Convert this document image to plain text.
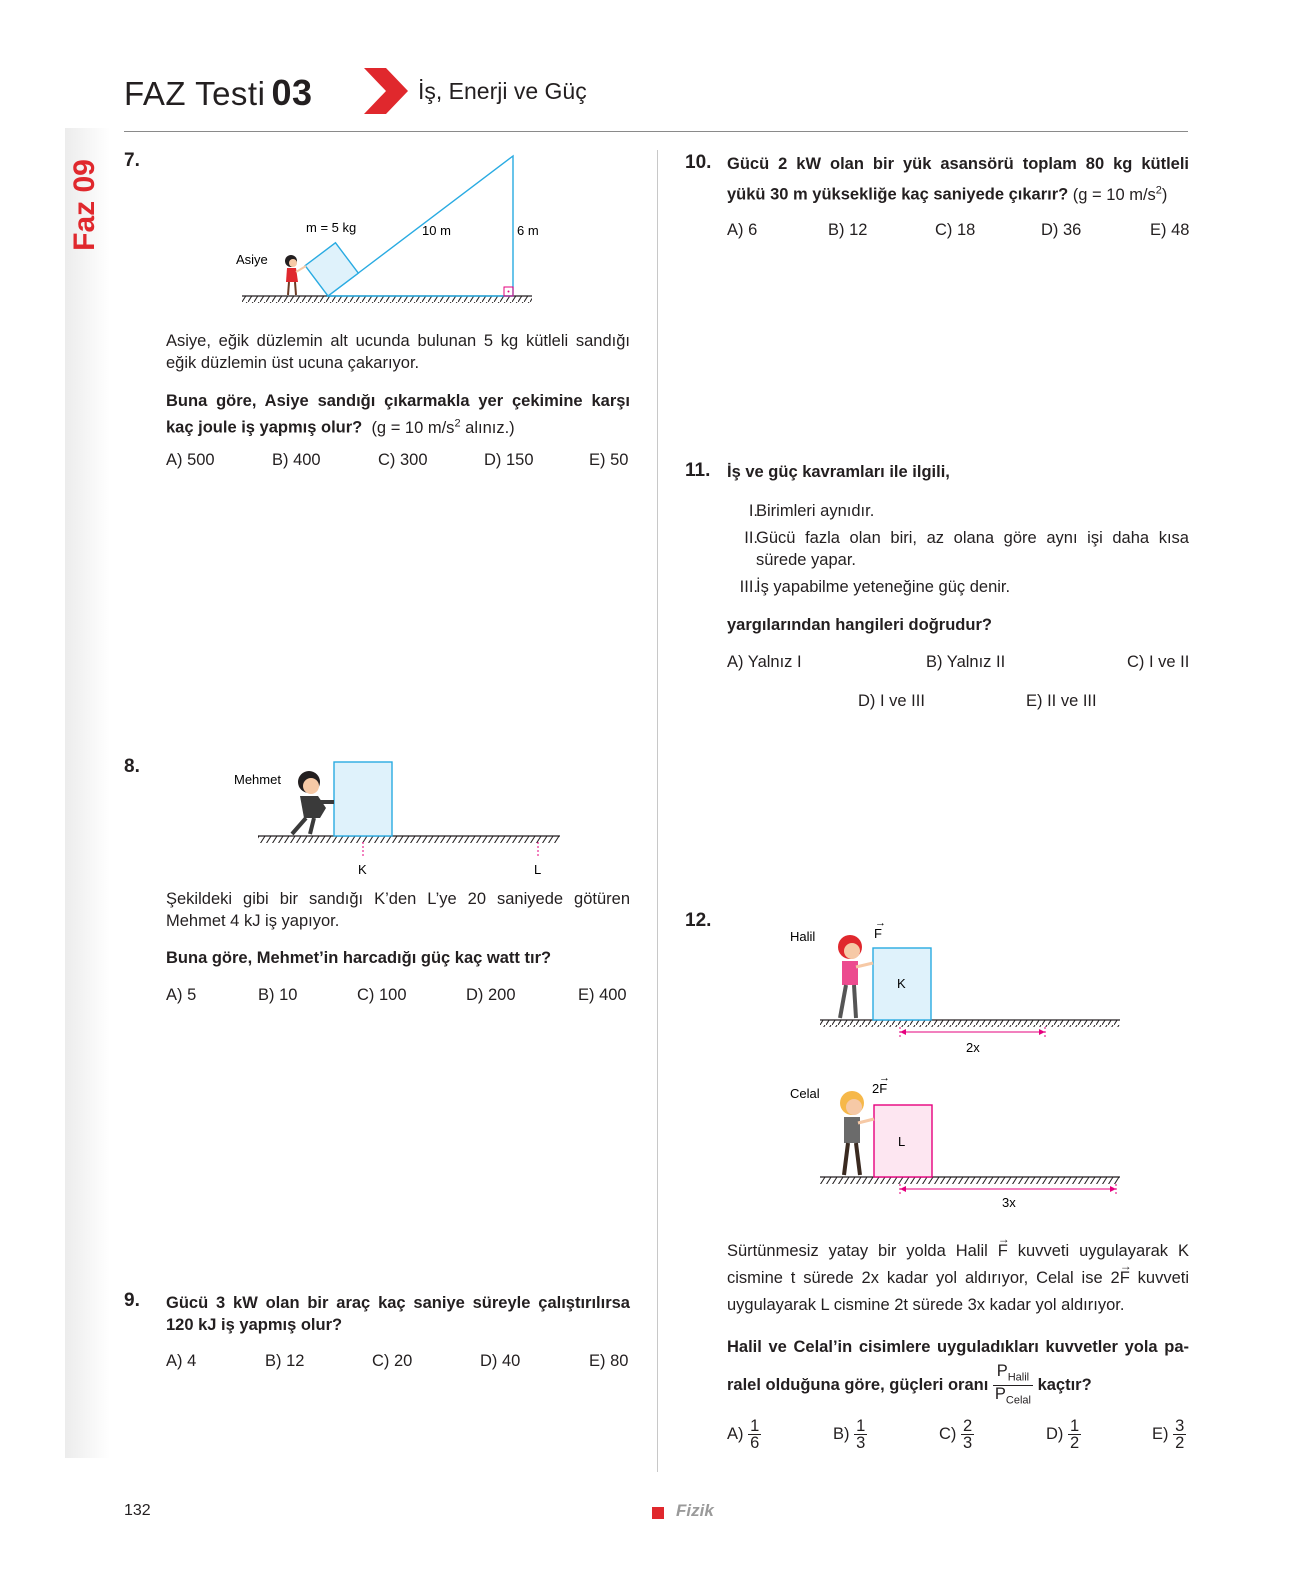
Faz 09
FAZ Testi 03	İş, Enerji ve Güç
7.
Asiye
m = 5 kg	10 m	6 m
Asiye, eğik düzlemin alt ucunda bulunan 5 kg kütleli sandığı eğik düzlemin üst ucuna çakarıyor.
Buna göre, Asiye sandığı çıkarmakla yer çekimine karşı kaç joule iş yapmış olur? (g = 10 $m/s^2$ alınız.)
A) 500	B) 400	C) 300	D) 150	E) 50
8.
Mehmet
K	L
Şekildeki gibi bir sandığı K’den L’ye 20 saniyede götüren Mehmet 4 kJ iş yapıyor.
Buna göre, Mehmet’in harcadığı güç kaç watt tır?
A) 5	B) 10	C) 100	D) 200	E) 400
9. Gücü 3 kW olan bir araç kaç saniye süreyle çalıştırılırsa 120 kJ iş yapmış olur?
A) 4	B) 12	C) 20	D) 40	E) 80
10. Gücü 2 kW olan bir yük asansörü toplam 80 kg kütleli
yükü 30 m yüksekliğe kaç saniyede çıkarır? (g = 10 $m/s^2$)
A) 6	B) 12	C) 18	D) 36	E) 48
11. İş ve güç kavramları ile ilgili,
I.
Birimleri aynıdır.
II.
Gücü fazla olan biri, az olana göre aynı işi daha kısa sürede yapar.
III.
İş yapabilme yeteneğine güç denir.
yargılarından hangileri doğrudur?
A) Yalnız I	B) Yalnız II	C) I ve II
D) I ve III	E) II ve III
12.
Halil	F
→
K
2x
Celal	2F
→
L
3x
Sürtünmesiz yatay bir yolda Halil → F kuvveti uygulayarak K cismine t sürede 2x kadar yol aldırıyor, Celal ise 2→ F kuvveti uygulayarak L cismine 2t sürede 3x kadar yol aldırıyor.
Halil ve Celal’in cisimlere uyguladıkları kuvvetler yola pa-
ralel olduğuna göre, güçleri oranı $\frac{P_{Halil}}{P_{Celal}}$ kaçtır?
$A) \frac{1}{6}$	$B) \frac{1}{3}$	$C) \frac{2}{3}$	$D) \frac{1}{2}$	$E) \frac{3}{2}$
132	Fizik
